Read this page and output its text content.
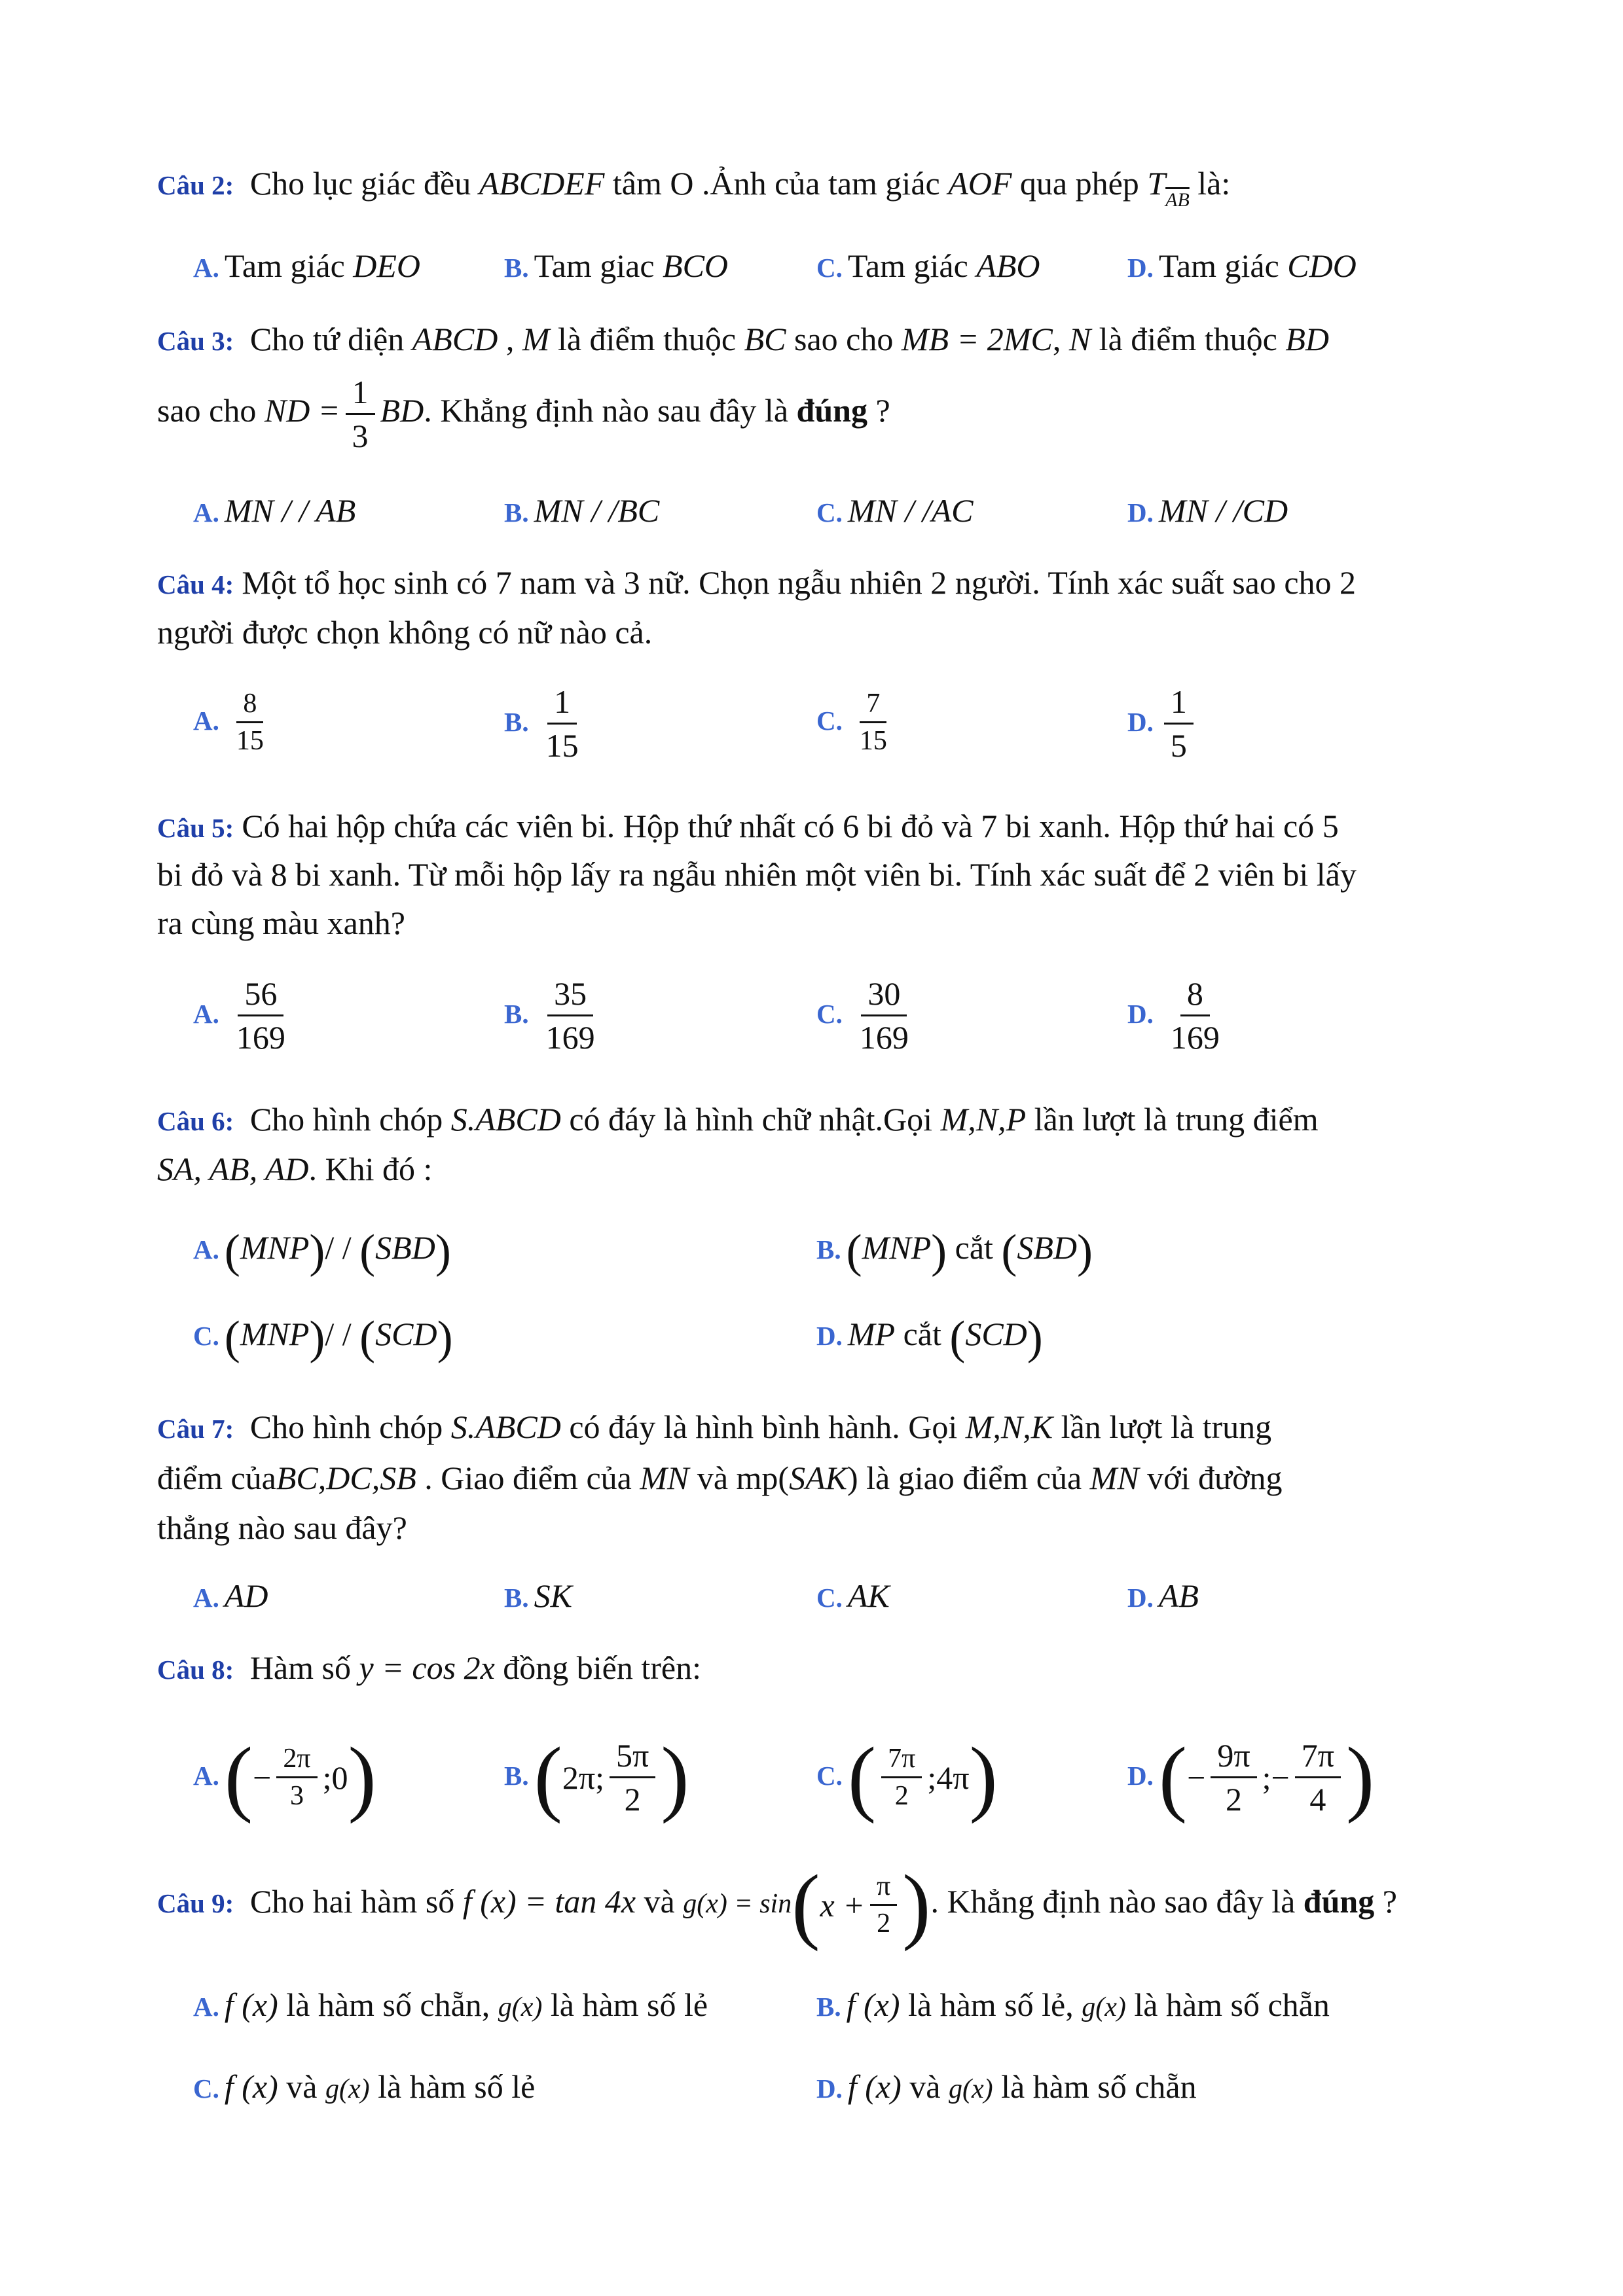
Câu 2: Cho lục giác đều ABCDEF tâm O .Ảnh của tam giác AOF qua phép $T_{\overline{AB}}$ là:
A. Tam giác DEO	B. Tam giac BCO	C. Tam giác ABO	D. Tam giác CDO
Câu 3: Cho tứ diện ABCD , M là điểm thuộc BC sao cho MB = 2MC, N là điểm thuộc BD
sao cho ND = $\frac{1}{3}$ BD. Khẳng định nào sau đây là đúng ?
A. MN / / AB	B. MN / /BC	C. MN / /AC	D. MN / /CD
Câu 4: Một tổ học sinh có 7 nam và 3 nữ. Chọn ngẫu nhiên 2 người. Tính xác suất sao cho 2
người được chọn không có nữ nào cả.
A. $\frac{8}{15}$	B. $\frac{1}{15}$	C. $\frac{7}{15}$	D. $\frac{1}{5}$
Câu 5: Có hai hộp chứa các viên bi. Hộp thứ nhất có 6 bi đỏ và 7 bi xanh. Hộp thứ hai có 5
bi đỏ và 8 bi xanh. Từ mỗi hộp lấy ra ngẫu nhiên một viên bi. Tính xác suất để 2 viên bi lấy
ra cùng màu xanh?
A. $\frac{56}{169}$	B. $\frac{35}{169}$	C. $\frac{30}{169}$	D. $\frac{8}{169}$
Câu 6: Cho hình chóp S.ABCD có đáy là hình chữ nhật.Gọi M,N,P lần lượt là trung điểm
SA, AB, AD. Khi đó :
A. (MNP)/ / (SBD)	B. (MNP) cắt (SBD)
C. (MNP)/ / (SCD)	D. MP cắt (SCD)
Câu 7: Cho hình chóp S.ABCD có đáy là hình bình hành. Gọi M,N,K lần lượt là trung
điểm củaBC,DC,SB . Giao điểm của MN và mp(SAK) là giao điểm của MN với đường
thẳng nào sau đây?
A. AD	B. SK	C. AK	D. AB
Câu 8: Hàm số y = cos 2x đồng biến trên:
$A.(- \frac{2\pi}{3}$ ;0)	B.(2π; $\frac{5\pi}{2}$ )	$C.( \frac{7\pi}{2}$ ;4π)	$D.(- \frac{9\pi}{2}$ ;− $\frac{7\pi}{4}$ )
Câu 9: Cho hai hàm số f (x) = tan 4x và $g(x) = \sin(x + \frac{\pi}{2}$ ). Khẳng định nào sao đây là đúng ?
A. f (x) là hàm số chẵn, g(x) là hàm số lẻ	B. f (x) là hàm số lẻ, g(x) là hàm số chẵn
C. f (x) và g(x) là hàm số lẻ	D. f (x) và g(x) là hàm số chẵn
